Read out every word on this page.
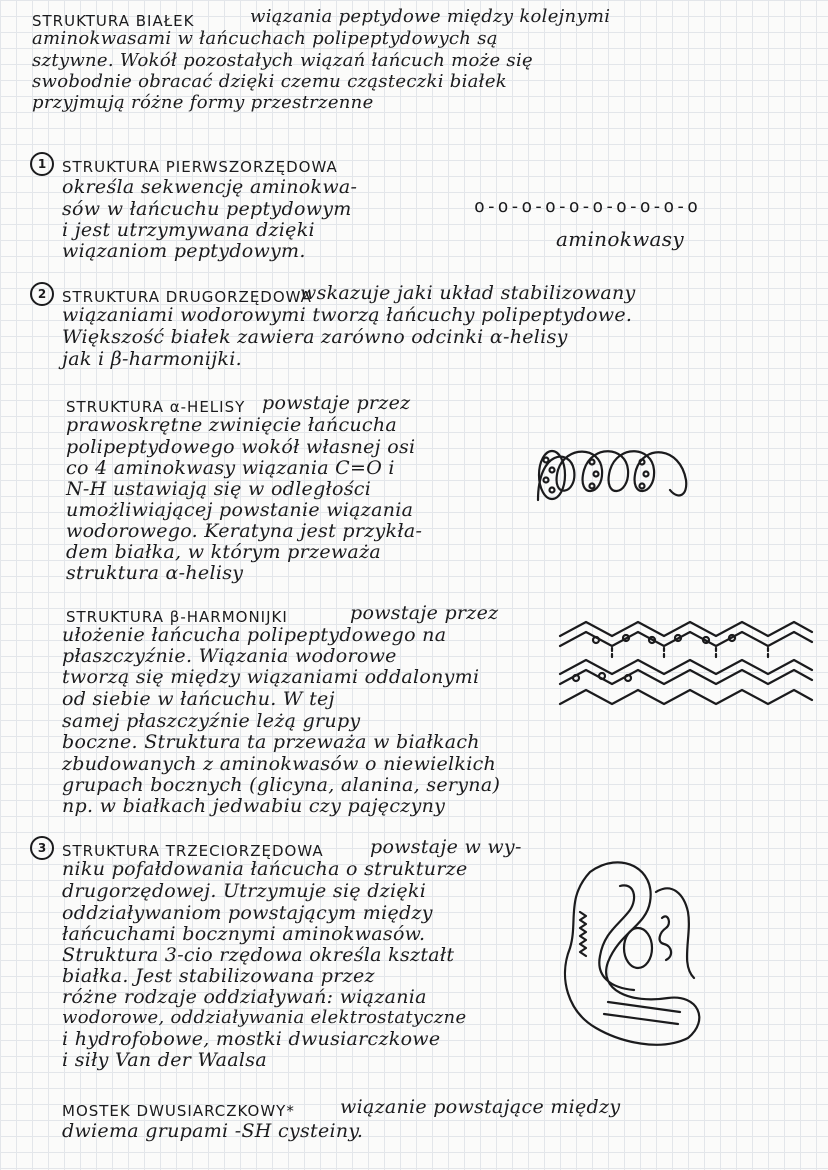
STRUKTURA BIAŁEK	wiązania peptydowe między kolejnymi
aminokwasami w łańcuchach polipeptydowych są
sztywne. Wokół pozostałych wiązań łańcuch może się
swobodnie obracać dzięki czemu cząsteczki białek
przyjmują różne formy przestrzenne
1	STRUKTURA PIERWSZORZĘDOWA
określa sekwencję aminokwa-
sów w łańcuchu peptydowym
i jest utrzymywana dzięki
wiązaniom peptydowym.
o-o-o-o-o-o-o-o-o-o
aminokwasy
2	STRUKTURA DRUGORZĘDOWA
wskazuje jaki układ stabilizowany
wiązaniami wodorowymi tworzą łańcuchy polipeptydowe.
Większość białek zawiera zarówno odcinki α-helisy
jak i β-harmonijki.
STRUKTURA α-HELISY powstaje przez
prawoskrętne zwinięcie łańcucha
polipeptydowego wokół własnej osi
co 4 aminokwasy wiązania C=O i
N-H ustawiają się w odległości
umożliwiającej powstanie wiązania
wodorowego. Keratyna jest przykła-
dem białka, w którym przeważa
struktura α-helisy
STRUKTURA β-HARMONIJKI	powstaje przez
ułożenie łańcucha polipeptydowego na
płaszczyźnie. Wiązania wodorowe
tworzą się między wiązaniami oddalonymi
od siebie w łańcuchu. W tej
samej płaszczyźnie leżą grupy
boczne. Struktura ta przeważa w białkach
zbudowanych z aminokwasów o niewielkich
grupach bocznych (glicyna, alanina, seryna)
np. w białkach jedwabiu czy pajęczyny
3	STRUKTURA TRZECIORZĘDOWA powstaje w wy-
niku pofałdowania łańcucha o strukturze
drugorzędowej. Utrzymuje się dzięki
oddziaływaniom powstającym między
łańcuchami bocznymi aminokwasów.
Struktura 3-cio rzędowa określa kształt
białka. Jest stabilizowana przez
różne rodzaje oddziaływań: wiązania
wodorowe, oddziaływania elektrostatyczne
i hydrofobowe, mostki dwusiarczkowe
i siły Van der Waalsa
MOSTEK DWUSIARCZKOWY* wiązanie powstające między
dwiema grupami -SH cysteiny.
